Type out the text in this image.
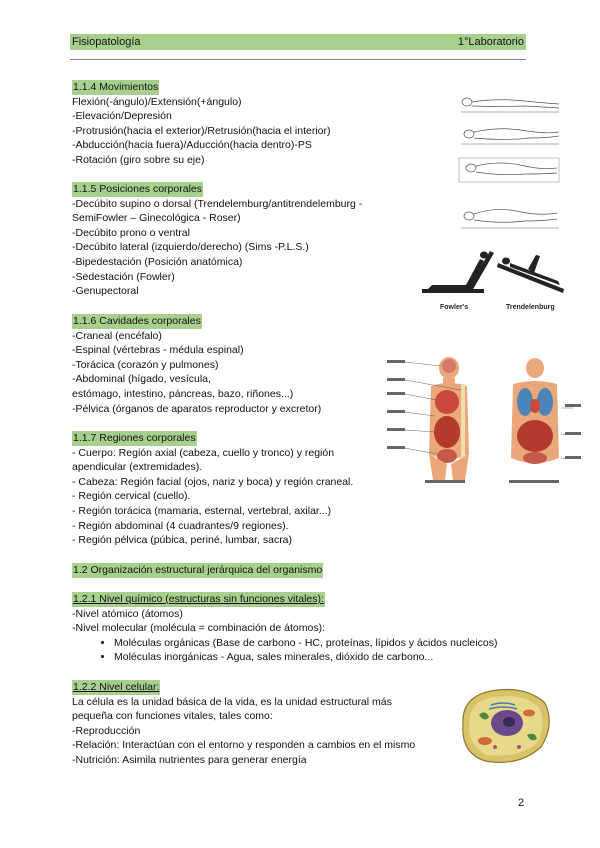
Fisiopatología	1°Laboratorio

1.1.4 Movimientos

Flexión(-ángulo)/Extensión(+ángulo)

-Elevación/Depresión

-Protrusión(hacia el exterior)/Retrusión(hacia el interior)

-Abducción(hacia fuera)/Aducción(hacia dentro)-PS

-Rotación (giro sobre su eje)

1.1.5 Posiciones corporales

-Decúbito supino o dorsal (Trendelemburg/antitrendelemburg -

SemiFowler – Ginecológica - Roser)

-Decúbito prono o ventral

-Decúbito lateral (izquierdo/derecho) (Sims -P.L.S.)

-Bipedestación (Posición anatómica)

-Sedestación (Fowler)

-Genupectoral

1.1.6 Cavidades corporales

-Craneal (encéfalo)

-Espinal (vértebras - médula espinal)

-Torácica (corazón y pulmones)

-Abdominal (hígado, vesícula,

estómago, intestino, páncreas, bazo, riñones...)

-Pélvica (órganos de aparatos reproductor y excretor)

1.1.7 Regiones corporales

- Cuerpo: Región axial (cabeza, cuello y tronco) y región

apendicular (extremidades).

- Cabeza: Región facial (ojos, nariz y boca) y región craneal.

- Región cervical (cuello).

- Región torácica (mamaria, esternal, vertebral, axilar...)

- Región abdominal (4 cuadrantes/9 regiones).

- Región pélvica (púbica, periné, lumbar, sacra)

1.2 Organización estructural jerárquica del organismo

1.2.1 Nivel químico (estructuras sin funciones vitales):

-Nivel atómico (átomos)

-Nivel molecular (molécula = combinación de átomos):

• Moléculas orgánicas (Base de carbono - HC, proteínas, lípidos y ácidos nucleicos)
• Moléculas inorgánicas - Agua, sales minerales, dióxido de carbono...

1.2.2 Nivel celular:

La célula es la unidad básica de la vida, es la unidad estructural más

pequeña con funciones vitales, tales como:

-Reproducción

-Relación: Interactúan con el entorno y responden a cambios en el mismo

-Nutrición: Asimila nutrientes para generar energía

Fowler's	Trendelenburg
2
